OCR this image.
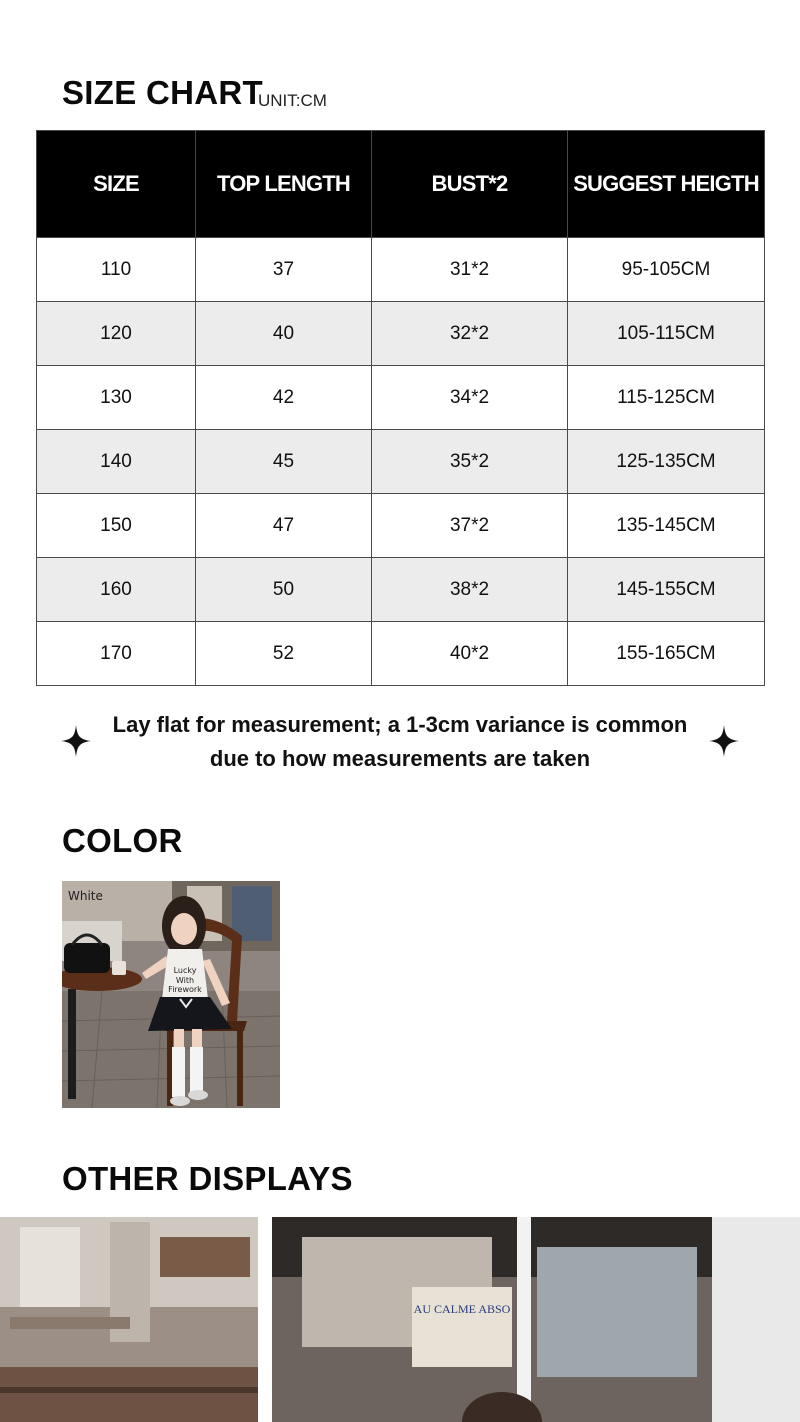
SIZE CHART
UNIT:CM
SIZE	TOP LENGTH	BUST*2	SUGGEST HEIGTH
110	37	31*2	95-105CM
120	40	32*2	105-115CM
130	42	34*2	115-125CM
140	45	35*2	125-135CM
150	47	37*2	135-145CM
160	50	38*2	145-155CM
170	52	40*2	155-165CM
Lay flat for measurement; a 1-3cm variance is common
due to how measurements are taken
COLOR
Lucky
With
Firework
White
OTHER DISPLAYS
AU CALME ABSO
